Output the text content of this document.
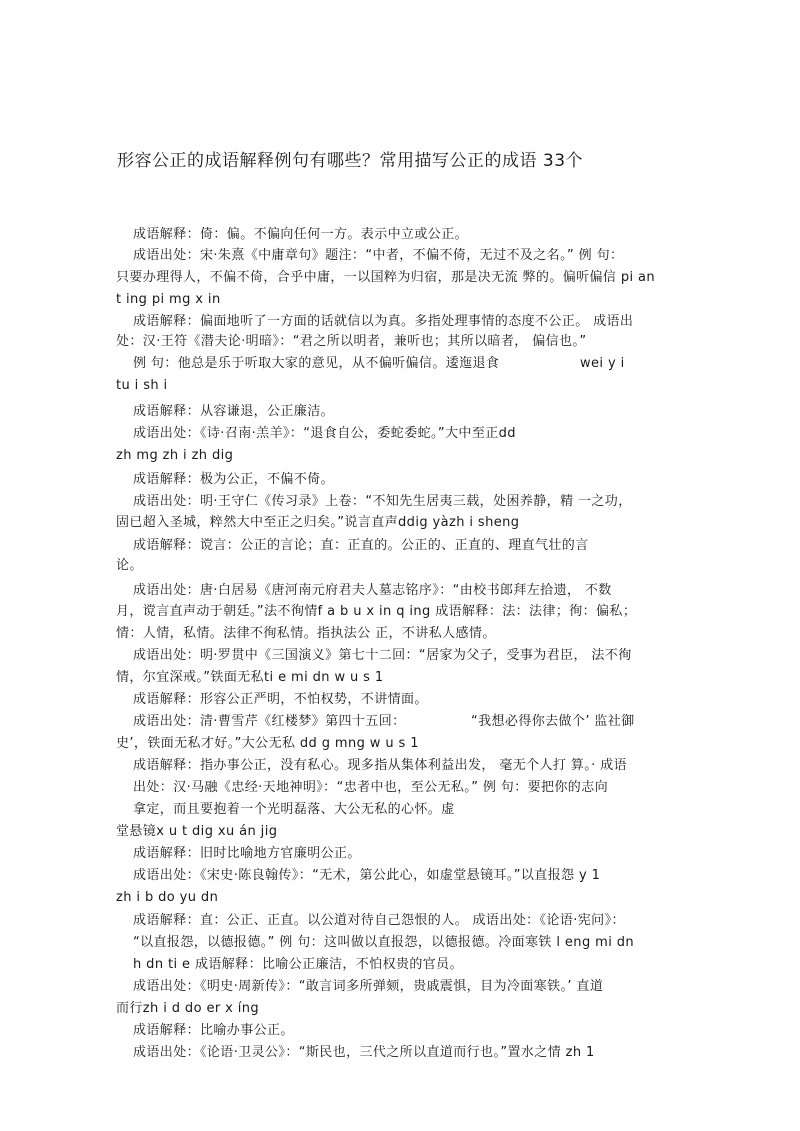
形容公正的成语解释例句有哪些？常用描写公正的成语 33个
成语解释：倚：偏。不偏向任何一方。表示中立或公正。
成语出处：宋·朱熹《中庸章句》题注：“中者，不偏不倚，无过不及之名。” 例 句：
只要办理得人，不偏不倚，合乎中庸，一以国粹为归宿，那是决无流 弊的。偏听偏信 pi an
t ing pi mg x in
成语解释：偏面地听了一方面的话就信以为真。多指处理事情的态度不公正。 成语出
处：汉·王符《潜夫论·明暗》：“君之所以明者，兼听也；其所以暗者， 偏信也。”
例 句：他总是乐于听取大家的意见，从不偏听偏信。逶迤退食	wei y i
tu i sh i
成语解释：从容谦退，公正廉洁。
成语出处：《诗·召南·羔羊》：“退食自公，委蛇委蛇。”大中至正dd
zh mg zh i zh dig
成语解释：极为公正，不偏不倚。
成语出处：明·王守仁《传习录》上卷：“不知先生居夷三载，处困养静，精 一之功，
固已超入圣城，粹然大中至正之归矣。”说言直声ddig yàzh i sheng
成语解释：谠言：公正的言论；直：正直的。公正的、正直的、理直气壮的言
论。
成语出处：唐·白居易《唐河南元府君夫人墓志铭序》：“由校书郎拜左拾遗， 不数
月，谠言直声动于朝廷。”法不徇情f a b u x in q ing 成语解释：法：法律；徇：偏私；
情：人情，私情。法律不徇私情。指执法公 正，不讲私人感情。
成语出处：明·罗贯中《三国演义》第七十二回：“居家为父子，受事为君臣， 法不徇
情，尔宜深戒。”铁面无私ti e mi dn w u s 1
成语解释：形容公正严明，不怕权势，不讲情面。
成语出处：清·曹雪芹《红楼梦》第四十五回：	“我想必得你去做个’ 监社御
史’，铁面无私才好。”大公无私 dd g mng w u s 1
成语解释：指办事公正，没有私心。现多指从集体利益出发， 毫无个人打 算。· 成语
出处：汉·马融《忠经·天地神明》：“忠者中也，至公无私。” 例 句：要把你的志向
拿定，而且要抱着一个光明磊落、大公无私的心怀。虚
堂悬镜x u t dig xu án jig
成语解释：旧时比喻地方官廉明公正。
成语出处：《宋史·陈良翰传》：“无术，第公此心，如虚堂悬镜耳。”以直报怨 y 1
zh i b do yu dn
成语解释：直：公正、正直。以公道对待自己怨恨的人。 成语出处：《论语·宪问》：
“以直报怨，以德报德。” 例 句：这叫做以直报怨，以德报德。冷面寒铁 l eng mi dn
h dn ti e 成语解释：比喻公正廉洁，不怕权贵的官员。
成语出处：《明史·周新传》：“敢言词多所弹颏，贵戚震惧，目为冷面寒铁。’ 直道
而行zh i d do er x íng
成语解释：比喻办事公正。
成语出处：《论语·卫灵公》：“斯民也，三代之所以直道而行也。”置水之情 zh 1
